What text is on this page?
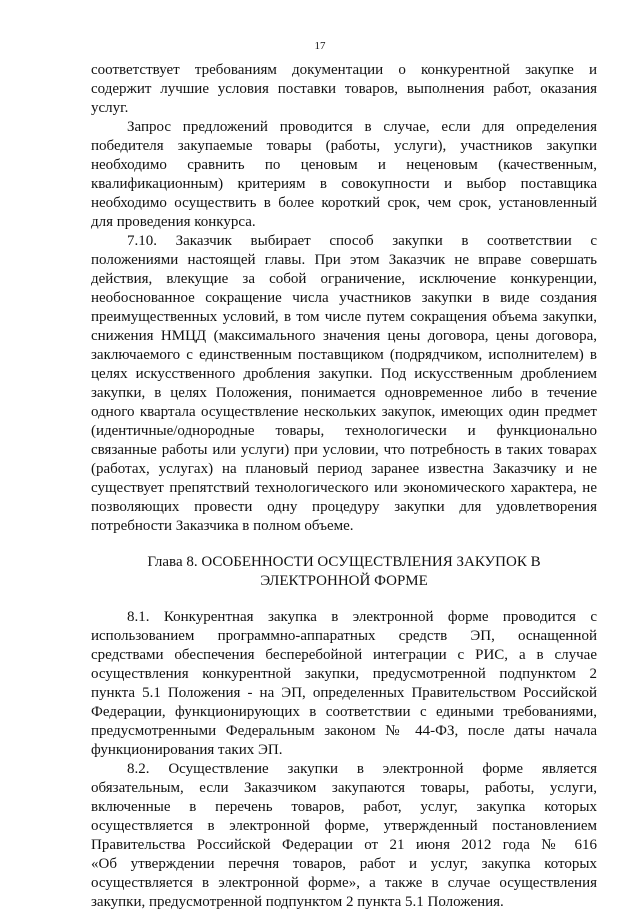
17
соответствует требованиям документации о конкурентной закупке и
содержит лучшие условия поставки товаров, выполнения работ, оказания
услуг.
Запрос предложений проводится в случае, если для определения
победителя закупаемые товары (работы, услуги), участников закупки
необходимо сравнить по ценовым и неценовым (качественным,
квалификационным) критериям в совокупности и выбор поставщика
необходимо осуществить в более короткий срок, чем срок, установленный
для проведения конкурса.
7.10. Заказчик выбирает способ закупки в соответствии с
положениями настоящей главы. При этом Заказчик не вправе совершать
действия, влекущие за собой ограничение, исключение конкуренции,
необоснованное сокращение числа участников закупки в виде создания
преимущественных условий, в том числе путем сокращения объема закупки,
снижения НМЦД (максимального значения цены договора, цены договора,
заключаемого с единственным поставщиком (подрядчиком, исполнителем) в
целях искусственного дробления закупки. Под искусственным дроблением
закупки, в целях Положения, понимается одновременное либо в течение
одного квартала осуществление нескольких закупок, имеющих один предмет
(идентичные/однородные товары, технологически и функционально
связанные работы или услуги) при условии, что потребность в таких товарах
(работах, услугах) на плановый период заранее известна Заказчику и не
существует препятствий технологического или экономического характера, не
позволяющих провести одну процедуру закупки для удовлетворения
потребности Заказчика в полном объеме.
Глава 8. ОСОБЕННОСТИ ОСУЩЕСТВЛЕНИЯ ЗАКУПОК В
ЭЛЕКТРОННОЙ ФОРМЕ
8.1. Конкурентная закупка в электронной форме проводится с
использованием программно-аппаратных средств ЭП, оснащенной
средствами обеспечения бесперебойной интеграции с РИС, а в случае
осуществления конкурентной закупки, предусмотренной подпунктом 2
пункта 5.1 Положения - на ЭП, определенных Правительством Российской
Федерации, функционирующих в соответствии с едиными требованиями,
предусмотренными Федеральным законом № 44-ФЗ, после даты начала
функционирования таких ЭП.
8.2. Осуществление закупки в электронной форме является
обязательным, если Заказчиком закупаются товары, работы, услуги,
включенные в перечень товаров, работ, услуг, закупка которых
осуществляется в электронной форме, утвержденный постановлением
Правительства Российской Федерации от 21 июня 2012 года № 616
«Об утверждении перечня товаров, работ и услуг, закупка которых
осуществляется в электронной форме», а также в случае осуществления
закупки, предусмотренной подпунктом 2 пункта 5.1 Положения.
